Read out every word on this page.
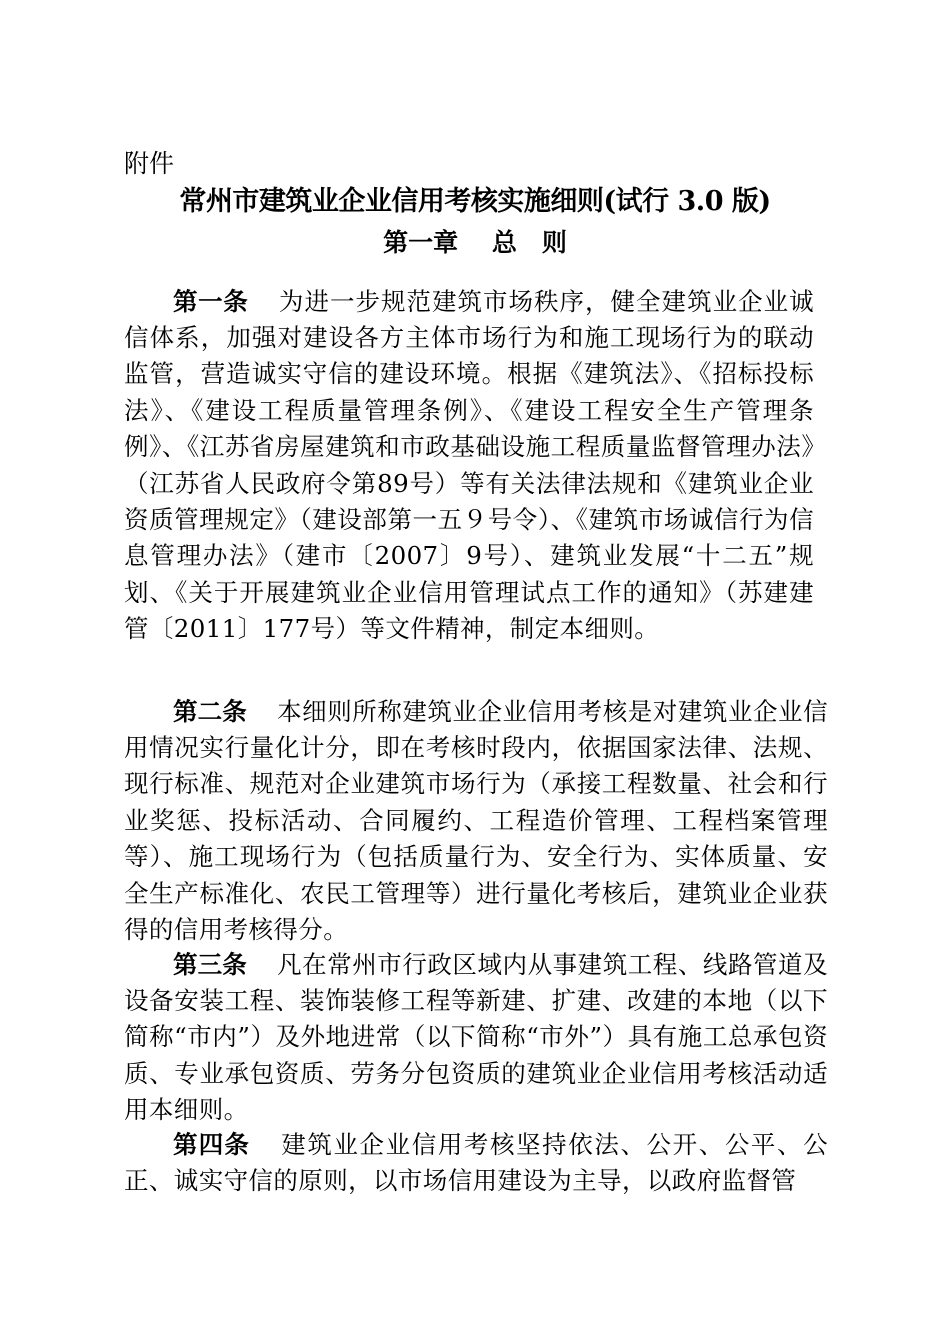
附件
常州市建筑业企业信用考核实施细则(试行 3.0 版)
第一章　 总　则

第一条 为进一步规范建筑市场秩序，健全建筑业企业诚信体系，加强对建设各方主体市场行为和施工现场行为的联动监管，营造诚实守信的建设环境。根据《建筑法》、《招标投标法》、《建设工程质量管理条例》、《建设工程安全生产管理条例》、《江苏省房屋建筑和市政基础设施工程质量监督管理办法》（江苏省人民政府令第89号）等有关法律法规和《建筑业企业资质管理规定》（建设部第一五９号令）、《建筑市场诚信行为信息管理办法》（建市〔2007〕9号）、建筑业发展“十二五”规划、《关于开展建筑业企业信用管理试点工作的通知》（苏建建管〔2011〕177号）等文件精神，制定本细则。

第二条 本细则所称建筑业企业信用考核是对建筑业企业信用情况实行量化计分，即在考核时段内，依据国家法律、法规、现行标准、规范对企业建筑市场行为（承接工程数量、社会和行业奖惩、投标活动、合同履约、工程造价管理、工程档案管理等）、施工现场行为（包括质量行为、安全行为、实体质量、安全生产标准化、农民工管理等）进行量化考核后，建筑业企业获得的信用考核得分。

第三条 凡在常州市行政区域内从事建筑工程、线路管道及设备安装工程、装饰装修工程等新建、扩建、改建的本地（以下简称“市内”）及外地进常（以下简称“市外”）具有施工总承包资质、专业承包资质、劳务分包资质的建筑业企业信用考核活动适用本细则。

第四条 建筑业企业信用考核坚持依法、公开、公平、公正、诚实守信的原则，以市场信用建设为主导，以政府监督管
